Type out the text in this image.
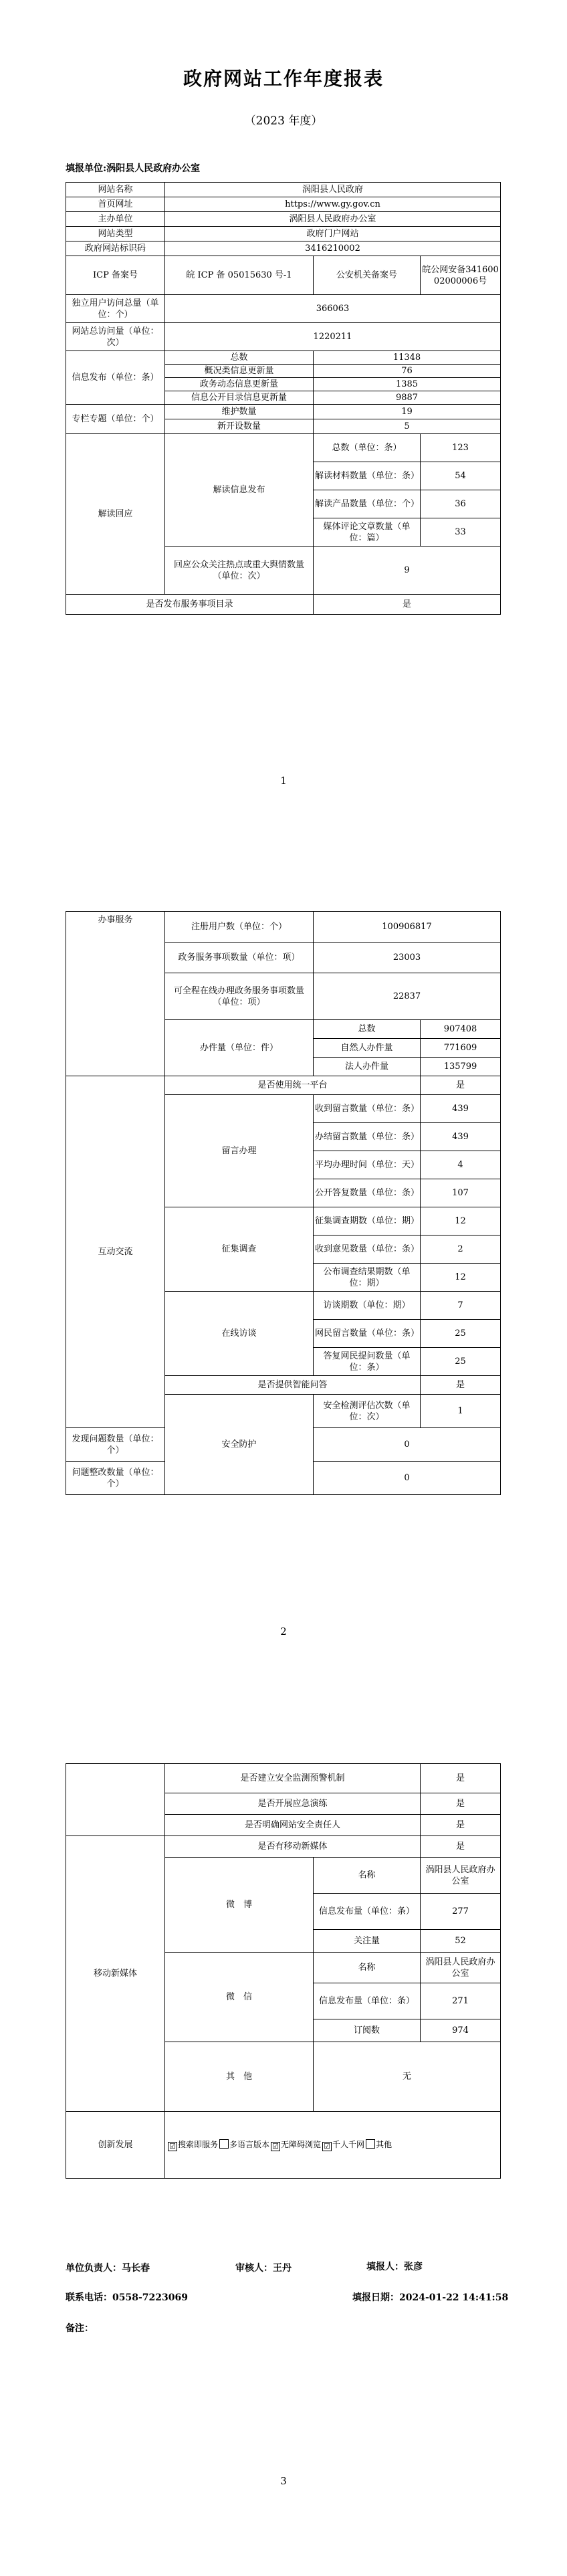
政府网站工作年度报表
（2023 年度）
填报单位:涡阳县人民政府办公室
网站名称	涡阳县人民政府		
首页网址	https://www.gy.gov.cn		
主办单位	涡阳县人民政府办公室		
网站类型	政府门户网站		
政府网站标识码	3416210002		
ICP 备案号	皖 ICP 备 05015630 号-1	公安机关备案号	皖公网安备34160002000006号
独立用户访问总量（单位：个）	366063		
网站总访问量（单位：次）	1220211		
信息发布（单位：条）	总数	11348	
	概况类信息更新量	76	
	政务动态信息更新量	1385	
	信息公开目录信息更新量	9887	
专栏专题（单位：个）	维护数量	19	
	新开设数量	5	
解读回应	解读信息发布	总数（单位：条）	123
		解读材料数量（单位：条）	54
		解读产品数量（单位：个）	36
		媒体评论文章数量（单位：篇）	33
	回应公众关注热点或重大舆情数量（单位：次）	9	
是否发布服务事项目录		是	
1
办事服务	注册用户数（单位：个）	100906817	
	政务服务事项数量（单位：项）	23003	
	可全程在线办理政务服务事项数量（单位：项）	22837	
	办件量（单位：件）	总数	907408
		自然人办件量	771609
		法人办件量	135799
互动交流	是否使用统一平台		是
	留言办理	收到留言数量（单位：条）	439
		办结留言数量（单位：条）	439
		平均办理时间（单位：天）	4
		公开答复数量（单位：条）	107
	征集调查	征集调查期数（单位：期）	12
		收到意见数量（单位：条）	2
		公布调查结果期数（单位：期）	12
	在线访谈	访谈期数（单位：期）	7
		网民留言数量（单位：条）	25
		答复网民提问数量（单位：条）	25
	是否提供智能问答		是
	安全防护	安全检测评估次数（单位：次）	1
发现问题数量（单位：个）		0	
问题整改数量（单位：个）		0	
2
	是否建立安全监测预警机制		是
	是否开展应急演练		是
	是否明确网站安全责任人		是
移动新媒体	是否有移动新媒体		是
	微　博	名称	涡阳县人民政府办公室
		信息发布量（单位：条）	277
		关注量	52
	微　信	名称	涡阳县人民政府办公室
		信息发布量（单位：条）	271
		订阅数	974
	其　他	无	
创新发展	☑ 搜索即服务 多语言版本 ☑ 无障碍浏览 ☑ 千人千网 其他		
单位负责人：马长春	审核人：王丹	填报人：张彦
联系电话：0558-7223069	填报日期：2024-01-22 14:41:58
备注：
3
